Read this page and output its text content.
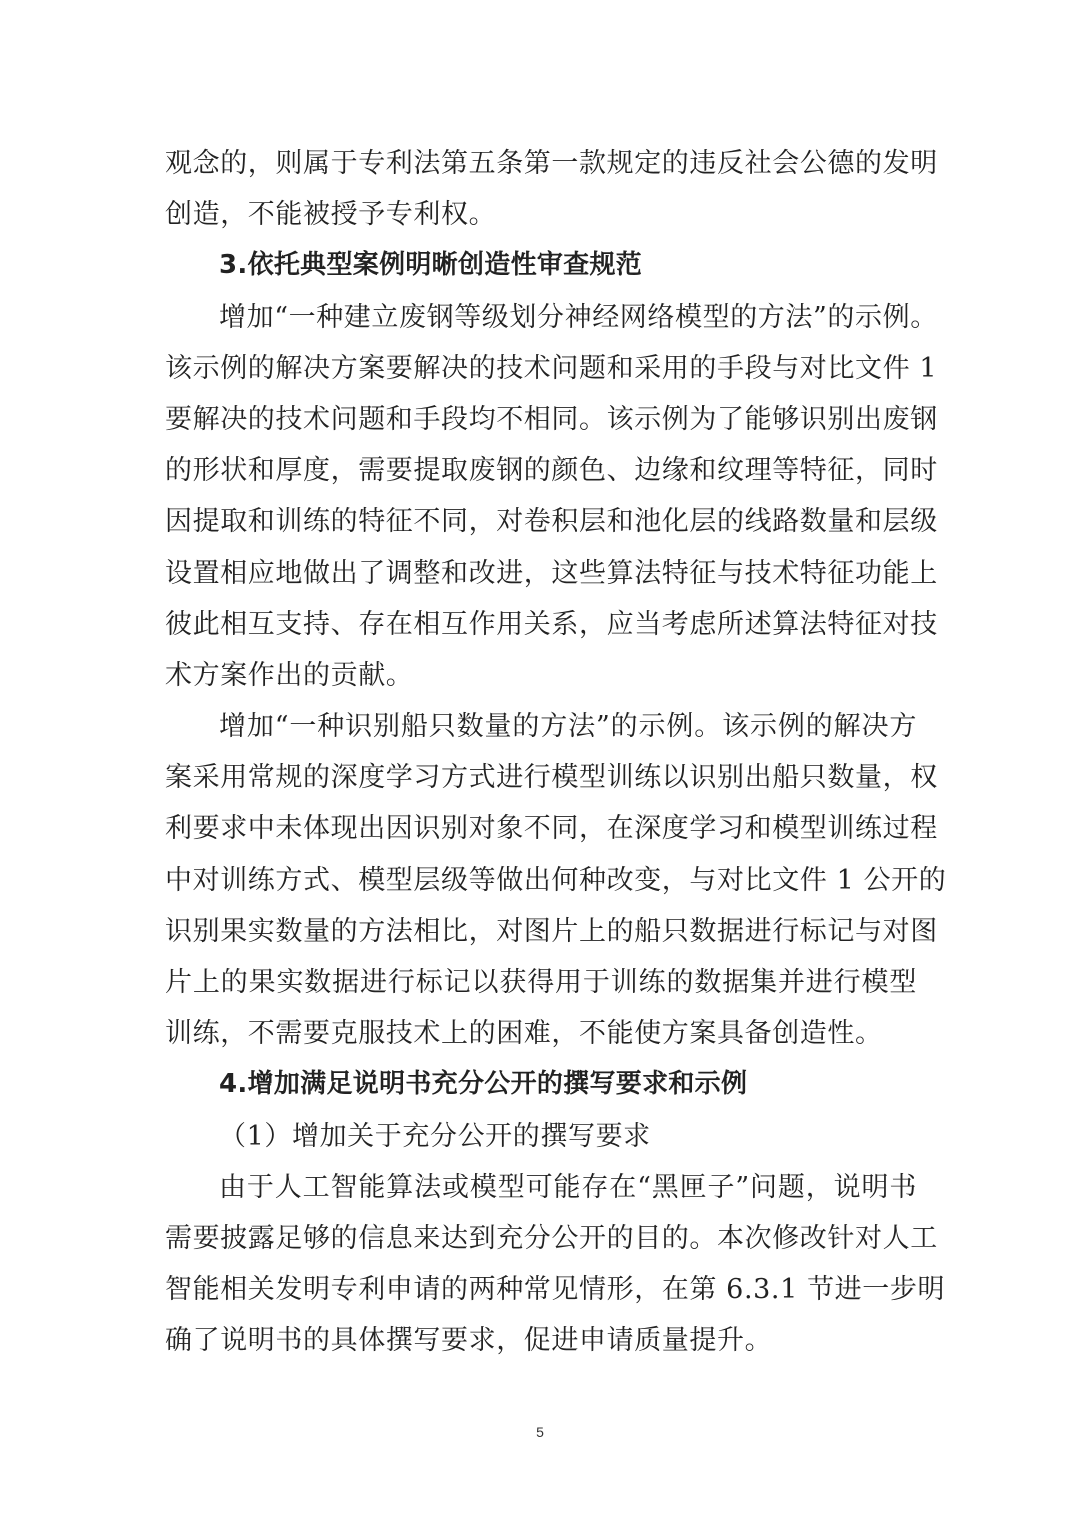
观念的，则属于专利法第五条第一款规定的违反社会公德的发明
创造，不能被授予专利权。
3.依托典型案例明晰创造性审查规范
增加“一种建立废钢等级划分神经网络模型的方法”的示例。
该示例的解决方案要解决的技术问题和采用的手段与对比文件 1
要解决的技术问题和手段均不相同。该示例为了能够识别出废钢
的形状和厚度，需要提取废钢的颜色、边缘和纹理等特征，同时
因提取和训练的特征不同，对卷积层和池化层的线路数量和层级
设置相应地做出了调整和改进，这些算法特征与技术特征功能上
彼此相互支持、存在相互作用关系，应当考虑所述算法特征对技
术方案作出的贡献。
增加“一种识别船只数量的方法”的示例。该示例的解决方
案采用常规的深度学习方式进行模型训练以识别出船只数量，权
利要求中未体现出因识别对象不同，在深度学习和模型训练过程
中对训练方式、模型层级等做出何种改变，与对比文件 1 公开的
识别果实数量的方法相比，对图片上的船只数据进行标记与对图
片上的果实数据进行标记以获得用于训练的数据集并进行模型
训练，不需要克服技术上的困难，不能使方案具备创造性。
4.增加满足说明书充分公开的撰写要求和示例
（1）增加关于充分公开的撰写要求
由于人工智能算法或模型可能存在“黑匣子”问题，说明书
需要披露足够的信息来达到充分公开的目的。本次修改针对人工
智能相关发明专利申请的两种常见情形，在第 6.3.1 节进一步明
确了说明书的具体撰写要求，促进申请质量提升。
5
